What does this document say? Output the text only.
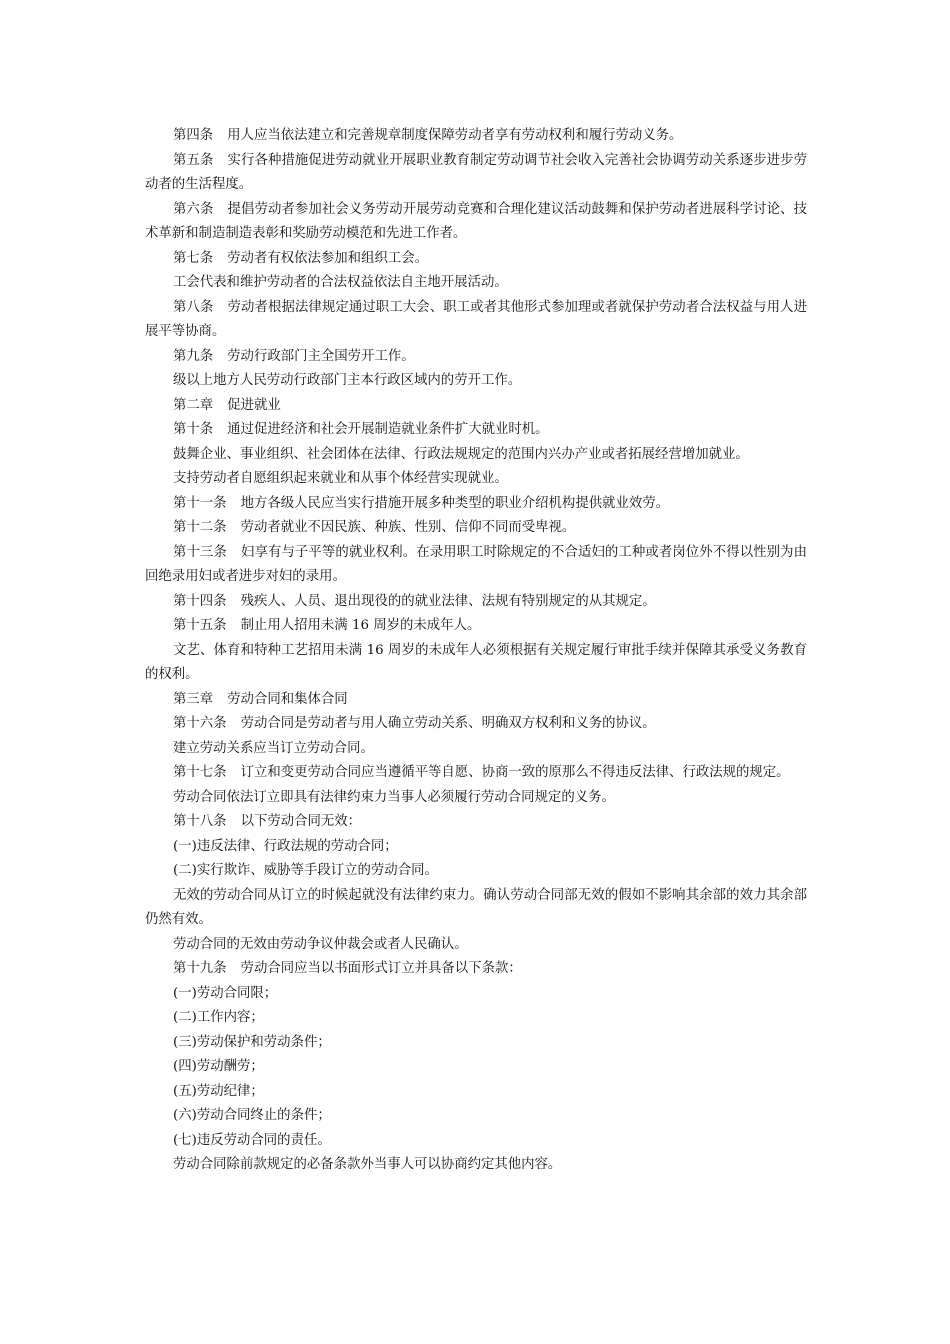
第四条 用人应当依法建立和完善规章制度保障劳动者享有劳动权利和履行劳动义务。

第五条 实行各种措施促进劳动就业开展职业教育制定劳动调节社会收入完善社会协调劳动关系逐步进步劳动者的生活程度。

第六条 提倡劳动者参加社会义务劳动开展劳动竞赛和合理化建议活动鼓舞和保护劳动者进展科学讨论、技术革新和制造制造表彰和奖励劳动模范和先进工作者。

第七条 劳动者有权依法参加和组织工会。

工会代表和维护劳动者的合法权益依法自主地开展活动。

第八条 劳动者根据法律规定通过职工大会、职工或者其他形式参加理或者就保护劳动者合法权益与用人进展平等协商。

第九条 劳动行政部门主全国劳开工作。

级以上地方人民劳动行政部门主本行政区域内的劳开工作。

第二章 促进就业

第十条 通过促进经济和社会开展制造就业条件扩大就业时机。

鼓舞企业、事业组织、社会团体在法律、行政法规规定的范围内兴办产业或者拓展经营增加就业。

支持劳动者自愿组织起来就业和从事个体经营实现就业。

第十一条 地方各级人民应当实行措施开展多种类型的职业介绍机构提供就业效劳。

第十二条 劳动者就业不因民族、种族、性别、信仰不同而受卑视。

第十三条 妇享有与子平等的就业权利。在录用职工时除规定的不合适妇的工种或者岗位外不得以性别为由回绝录用妇或者进步对妇的录用。

第十四条 残疾人、人员、退出现役的的就业法律、法规有特别规定的从其规定。

第十五条 制止用人招用未满 16 周岁的未成年人。

文艺、体育和特种工艺招用未满 16 周岁的未成年人必须根据有关规定履行审批手续并保障其承受义务教育的权利。

第三章 劳动合同和集体合同

第十六条 劳动合同是劳动者与用人确立劳动关系、明确双方权利和义务的协议。

建立劳动关系应当订立劳动合同。

第十七条 订立和变更劳动合同应当遵循平等自愿、协商一致的原那么不得违反法律、行政法规的规定。

劳动合同依法订立即具有法律约束力当事人必须履行劳动合同规定的义务。

第十八条 以下劳动合同无效：

(一)违反法律、行政法规的劳动合同；

(二)实行欺诈、威胁等手段订立的劳动合同。

无效的劳动合同从订立的时候起就没有法律约束力。确认劳动合同部无效的假如不影响其余部的效力其余部仍然有效。

劳动合同的无效由劳动争议仲裁会或者人民确认。

第十九条 劳动合同应当以书面形式订立并具备以下条款：

(一)劳动合同限；

(二)工作内容；

(三)劳动保护和劳动条件；

(四)劳动酬劳；

(五)劳动纪律；

(六)劳动合同终止的条件；

(七)违反劳动合同的责任。

劳动合同除前款规定的必备条款外当事人可以协商约定其他内容。
